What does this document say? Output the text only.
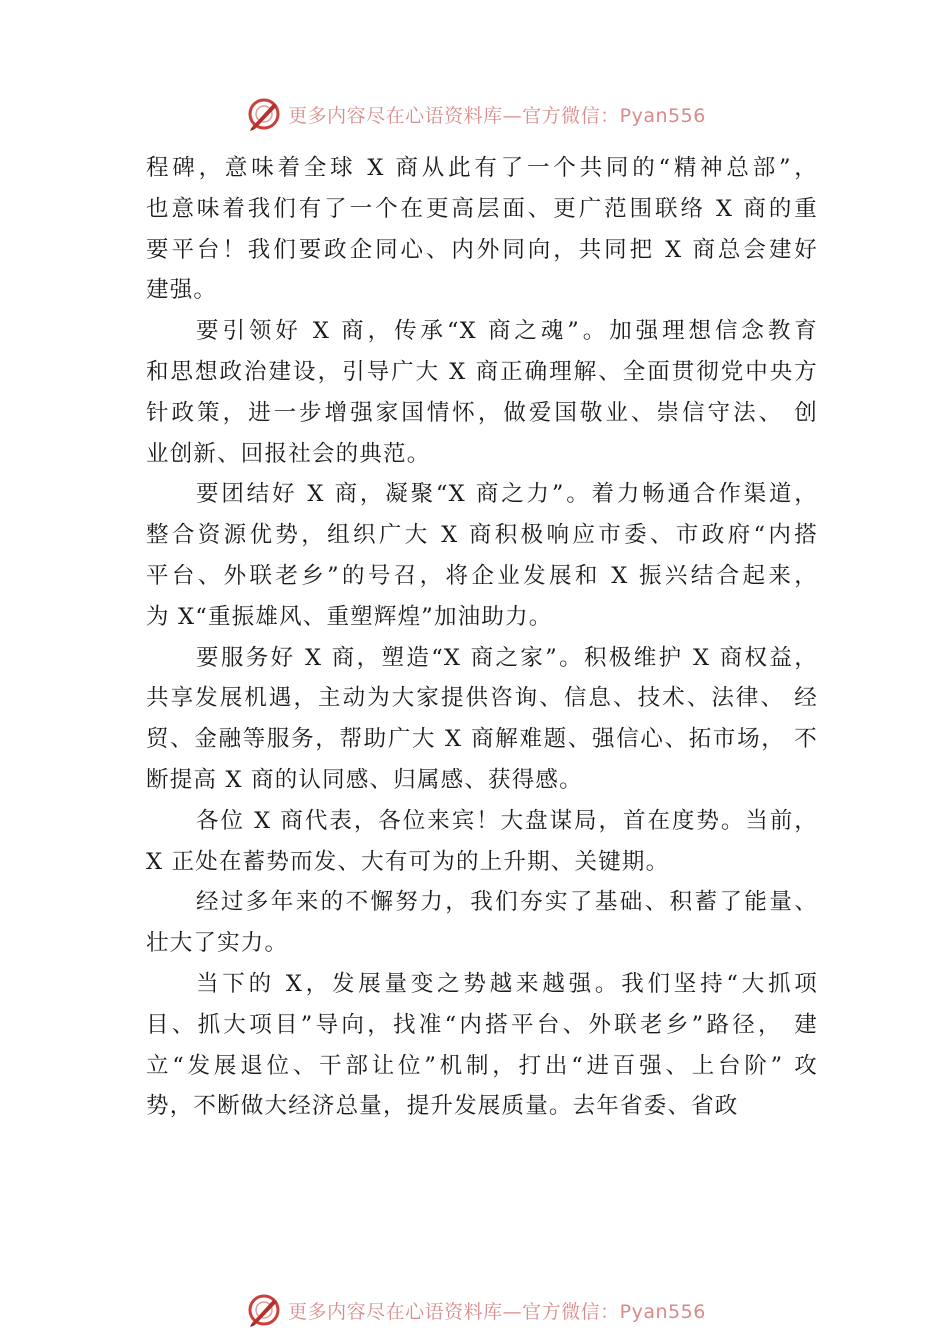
更多内容尽在心语资料库—官方微信：Pyan556
程碑，意味着全球 X 商从此有了一个共同的“精神总部”，
也意味着我们有了一个在更高层面、更广范围联络 X 商的重
要平台！我们要政企同心、内外同向，共同把 X 商总会建好
建强。
要引领好 X 商，传承“X 商之魂”。加强理想信念教育
和思想政治建设，引导广大 X 商正确理解、全面贯彻党中央方
针政策，进一步增强家国情怀，做爱国敬业、崇信守法、 创
业创新、回报社会的典范。
要团结好 X 商，凝聚“X 商之力”。着力畅通合作渠道，
整合资源优势，组织广大 X 商积极响应市委、市政府“内搭
平台、外联老乡”的号召，将企业发展和 X 振兴结合起来，
为 X“重振雄风、重塑辉煌”加油助力。
要服务好 X 商，塑造“X 商之家”。积极维护 X 商权益，
共享发展机遇，主动为大家提供咨询、信息、技术、法律、 经
贸、金融等服务，帮助广大 X 商解难题、强信心、拓市场， 不
断提高 X 商的认同感、归属感、获得感。
各位 X 商代表，各位来宾！大盘谋局，首在度势。当前，
X 正处在蓄势而发、大有可为的上升期、关键期。
经过多年来的不懈努力，我们夯实了基础、积蓄了能量、
壮大了实力。
当下的 X，发展量变之势越来越强。我们坚持“大抓项
目、抓大项目”导向，找准“内搭平台、外联老乡”路径， 建
立“发展退位、干部让位”机制，打出“进百强、上台阶” 攻
势，不断做大经济总量，提升发展质量。去年省委、省政
更多内容尽在心语资料库—官方微信：Pyan556
